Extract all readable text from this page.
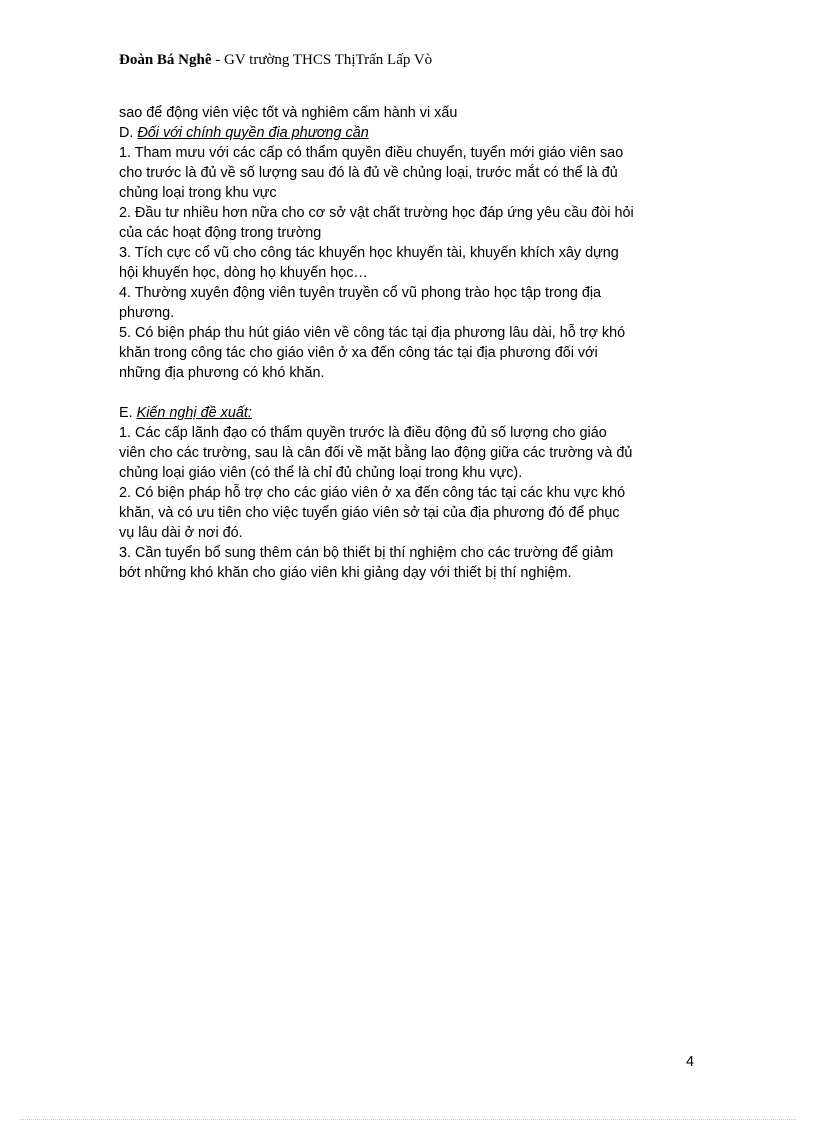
Đoàn Bá Nghê - GV trường THCS ThịTrấn Lấp Vò

sao để động viên việc tốt và nghiêm cấm hành vi xấu

D. Đối với chính quyền địa phương cần

1. Tham mưu với các cấp có thẩm quyền điều chuyển, tuyển mới giáo viên sao

cho trước là đủ về số lượng sau đó là đủ về chủng loại, trước mắt có thể là đủ

chủng loại trong khu vực

2. Đầu tư nhiều hơn nữa cho cơ sở vật chất trường học đáp ứng yêu cầu đòi hỏi

của các hoạt động trong trường

3. Tích cực cổ vũ cho công tác khuyến học khuyến tài, khuyến khích xây dựng

hội khuyến học, dòng họ khuyến học…

4. Thường xuyên động viên tuyên truyền cổ vũ phong trào học tập trong địa

phương.

5. Có biện pháp thu hút giáo viên về công tác tại địa phương lâu dài, hỗ trợ khó

khăn trong công tác cho giáo viên ở xa đến công tác tại địa phương đối với

những địa phương có khó khăn.

E. Kiến nghị đề xuất:

1. Các cấp lãnh đạo có thẩm quyền trước là điều động đủ số lượng cho giáo

viên cho các trường, sau là cân đối về mặt bằng lao động giữa các trường và đủ

chủng loại giáo viên (có thể là chỉ đủ chủng loại trong khu vực).

2. Có biện pháp hỗ trợ cho các giáo viên ở xa đến công tác tại các khu vực khó

khăn, và có ưu tiên cho việc tuyển giáo viên sở tại của địa phương đó để phục

vụ lâu dài ở nơi đó.

3. Cần tuyển bổ sung thêm cán bộ thiết bị thí nghiệm cho các trường để giảm

bớt những khó khăn cho giáo viên khi giảng dạy với thiết bị thí nghiệm.

4
